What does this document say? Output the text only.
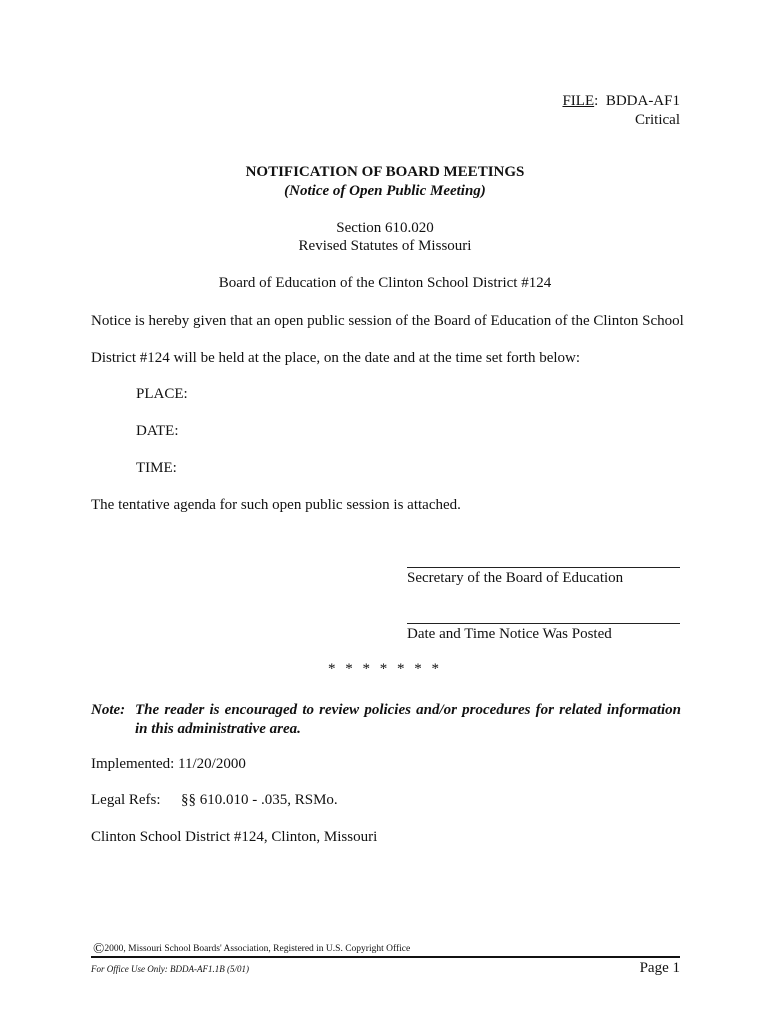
FILE:  BDDA-AF1
Critical
NOTIFICATION OF BOARD MEETINGS
(Notice of Open Public Meeting)
Section 610.020
Revised Statutes of Missouri
Board of Education of the Clinton School District #124
Notice is hereby given that an open public session of the Board of Education of the Clinton School
District #124 will be held at the place, on the date and at the time set forth below:
PLACE:
DATE:
TIME:
The tentative agenda for such open public session is attached.
Secretary of the Board of Education
Date and Time Notice Was Posted
* * * * * * *
Note: The reader is encouraged to review policies and/or procedures for related information in this administrative area.
Implemented: 11/20/2000
Legal Refs: §§ 610.010 - .035, RSMo.
Clinton School District #124, Clinton, Missouri
©2000, Missouri School Boards' Association, Registered in U.S. Copyright Office
For Office Use Only: BDDA-AF1.1B (5/01)	Page 1
